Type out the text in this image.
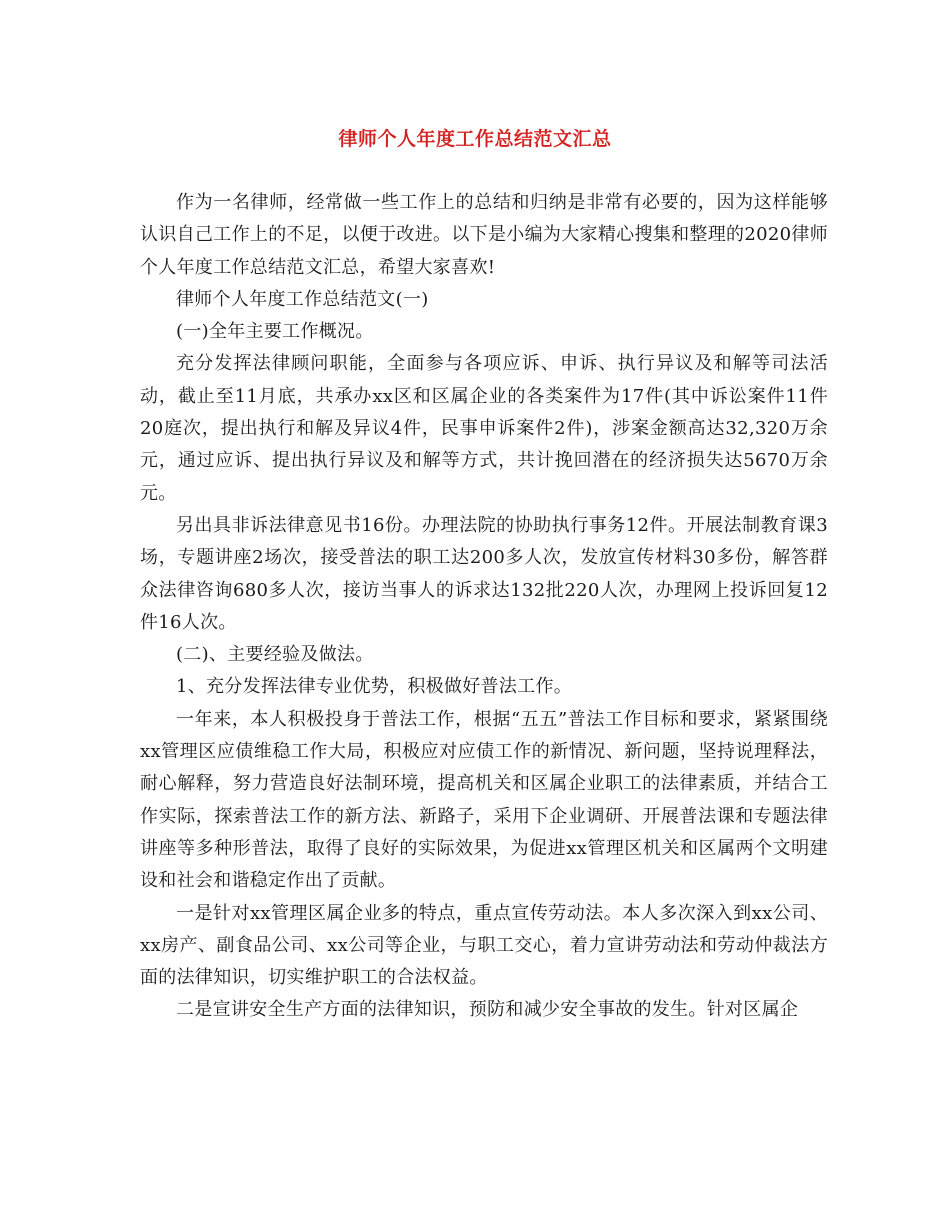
律师个人年度工作总结范文汇总

作为一名律师，经常做一些工作上的总结和归纳是非常有必要的，因为这样能够认识自己工作上的不足，以便于改进。以下是小编为大家精心搜集和整理的2020律师个人年度工作总结范文汇总，希望大家喜欢!

律师个人年度工作总结范文(一)

(一)全年主要工作概况。

充分发挥法律顾问职能，全面参与各项应诉、申诉、执行异议及和解等司法活动，截止至11月底，共承办xx区和区属企业的各类案件为17件(其中诉讼案件11件20庭次，提出执行和解及异议4件，民事申诉案件2件)，涉案金额高达32,320万余元，通过应诉、提出执行异议及和解等方式，共计挽回潜在的经济损失达5670万余元。

另出具非诉法律意见书16份。办理法院的协助执行事务12件。开展法制教育课3场，专题讲座2场次，接受普法的职工达200多人次，发放宣传材料30多份，解答群众法律咨询680多人次，接访当事人的诉求达132批220人次，办理网上投诉回复12件16人次。

(二)、主要经验及做法。

1、充分发挥法律专业优势，积极做好普法工作。

一年来，本人积极投身于普法工作，根据“五五”普法工作目标和要求，紧紧围绕xx管理区应债维稳工作大局，积极应对应债工作的新情况、新问题，坚持说理释法，耐心解释，努力营造良好法制环境，提高机关和区属企业职工的法律素质，并结合工作实际，探索普法工作的新方法、新路子，采用下企业调研、开展普法课和专题法律讲座等多种形普法，取得了良好的实际效果，为促进xx管理区机关和区属两个文明建设和社会和谐稳定作出了贡献。

一是针对xx管理区属企业多的特点，重点宣传劳动法。本人多次深入到xx公司、xx房产、副食品公司、xx公司等企业，与职工交心，着力宣讲劳动法和劳动仲裁法方面的法律知识，切实维护职工的合法权益。

二是宣讲安全生产方面的法律知识，预防和减少安全事故的发生。针对区属企
